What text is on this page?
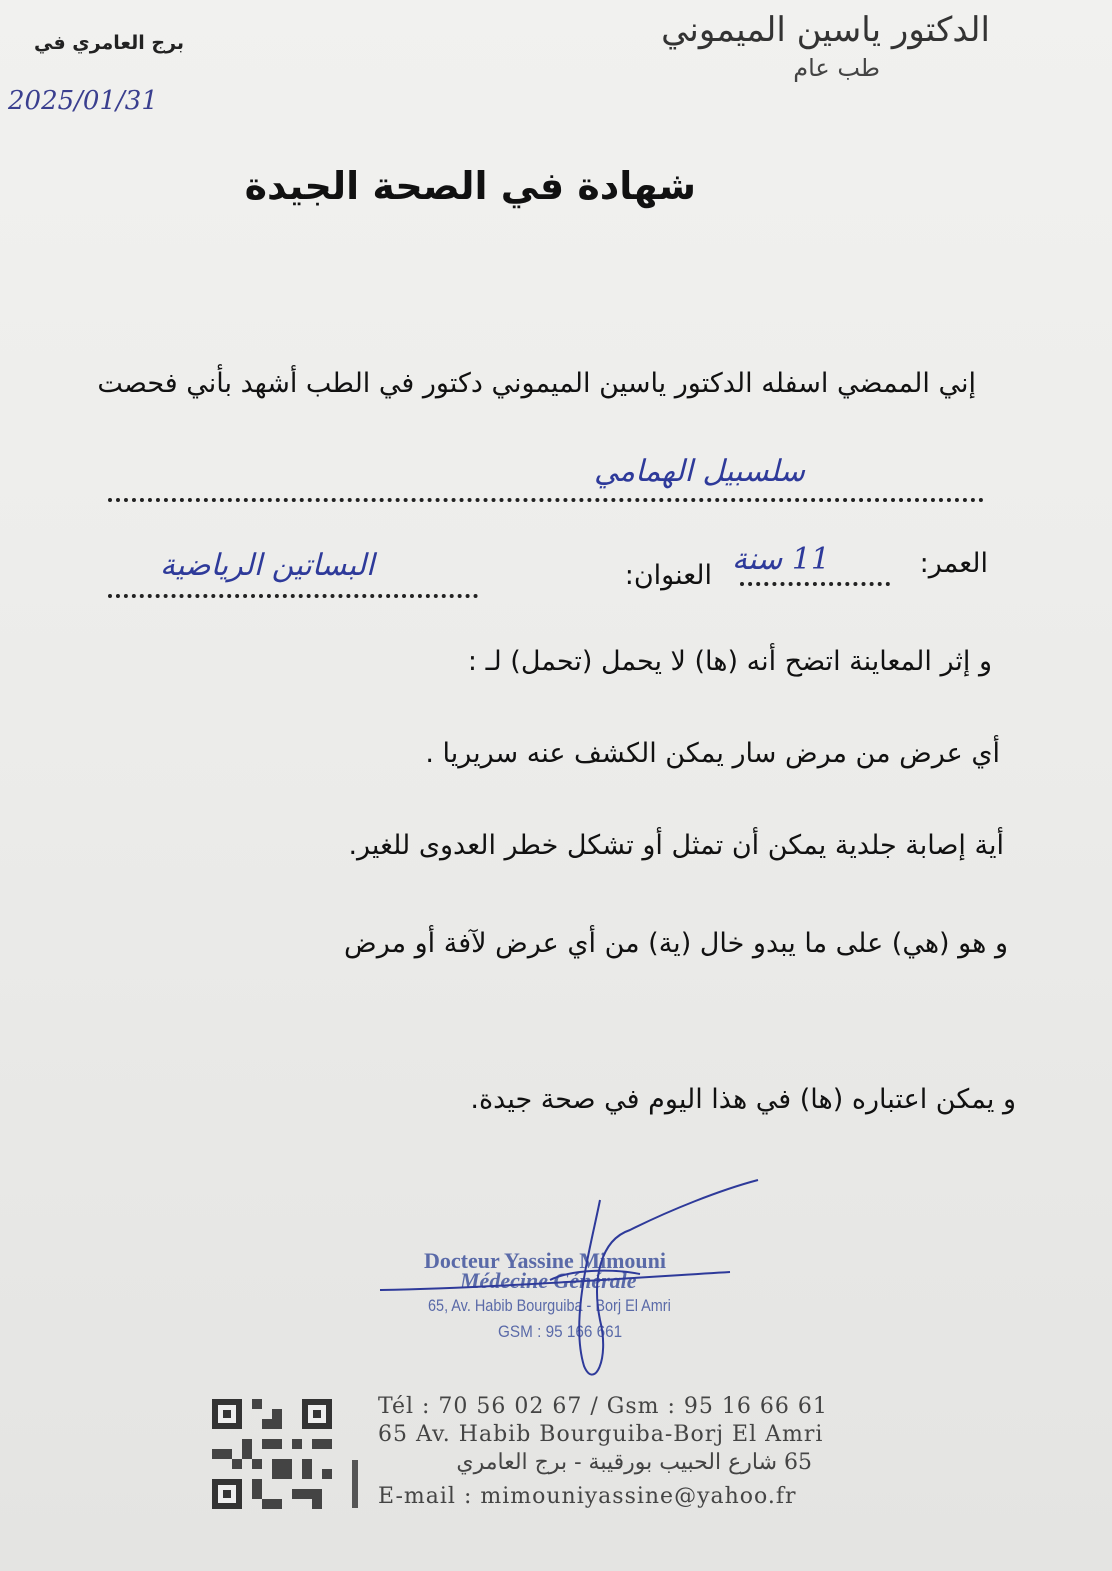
الدكتور ياسين الميموني

طب عام

برج العامري في

2025/01/31

شهادة في الصحة الجيدة

إني الممضي اسفله الدكتور ياسين الميموني دكتور في الطب أشهد بأني فحصت

سلسبيل الهمامي

العمر:

11 سنة

العنوان:

البساتين الرياضية

و إثر المعاينة اتضح أنه (ها) لا يحمل (تحمل) لـ :

أي عرض من مرض سار يمكن الكشف عنه سريريا .

أية إصابة جلدية يمكن أن تمثل أو تشكل خطر العدوى للغير.

و هو (هي) على ما يبدو خال (ية) من أي عرض لآفة أو مرض

و يمكن اعتباره (ها) في هذا اليوم في صحة جيدة.

Docteur Yassine Mimouni

Médecine Générale

65, Av. Habib Bourguiba - Borj El Amri

GSM : 95 166 661

Tél : 70 56 02 67 / Gsm : 95 16 66 61

65 Av. Habib Bourguiba-Borj El Amri

65 شارع الحبيب بورقيبة - برج العامري

E-mail : mimouniyassine@yahoo.fr
